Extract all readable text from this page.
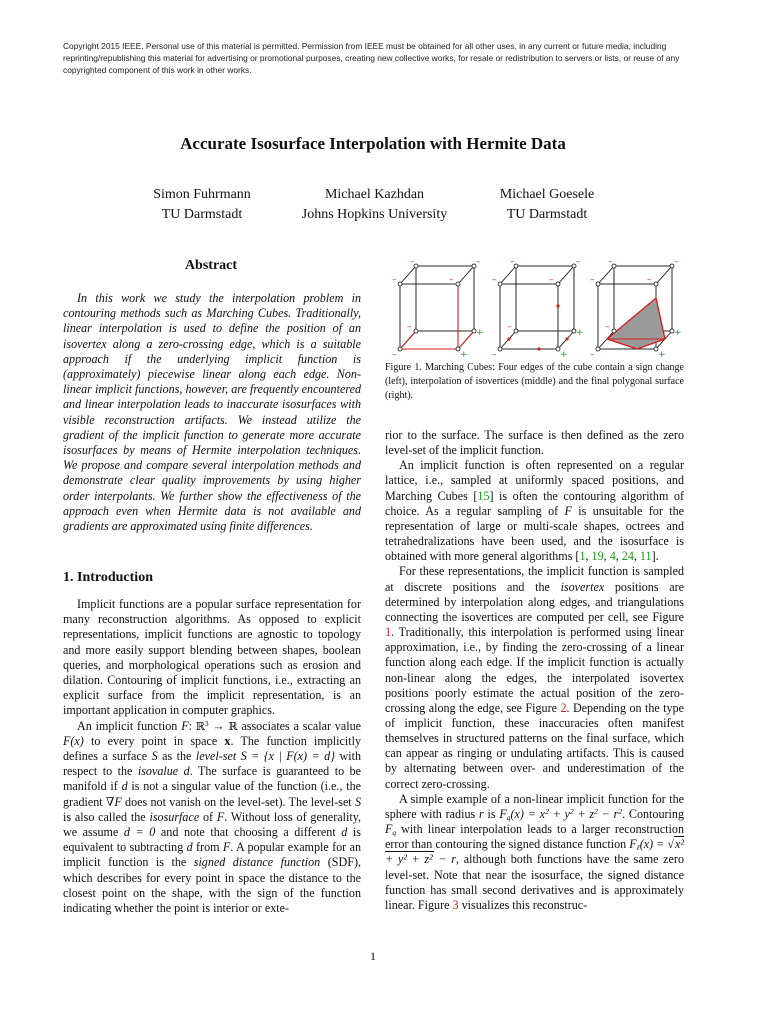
Copyright 2015 IEEE. Personal use of this material is permitted. Permission from IEEE must be obtained for all other uses, in any current or future media, including reprinting/republishing this material for advertising or promotional purposes, creating new collective works, for resale or redistribution to servers or lists, or reuse of any copyrighted component of this work in other works.
Accurate Isosurface Interpolation with Hermite Data
Simon Fuhrmann
TU Darmstadt
Michael Kazhdan
Johns Hopkins University
Michael Goesele
TU Darmstadt
Abstract
In this work we study the interpolation problem in contouring methods such as Marching Cubes. Traditionally, linear interpolation is used to define the position of an isovertex along a zero-crossing edge, which is a suitable approach if the underlying implicit function is (approximately) piecewise linear along each edge. Non-linear implicit functions, however, are frequently encountered and linear interpolation leads to inaccurate isosurfaces with visible reconstruction artifacts. We instead utilize the gradient of the implicit function to generate more accurate isosurfaces by means of Hermite interpolation techniques. We propose and compare several interpolation methods and demonstrate clear quality improvements by using higher order interpolants. We further show the effectiveness of the approach even when Hermite data is not available and gradients are approximated using finite differences.
1. Introduction

Implicit functions are a popular surface representation for many reconstruction algorithms. As opposed to explicit representations, implicit functions are agnostic to topology and more easily support blending between shapes, boolean queries, and morphological operations such as erosion and dilation. Contouring of implicit functions, i.e., extracting an explicit surface from the implicit representation, is an important application in computer graphics.

An implicit function F: ℝ$^3$ → ℝ associates a scalar value F(x) to every point in space x. The function implicitly defines a surface S as the level-set S = {x | F(x) = d} with respect to the isovalue d. The surface is guaranteed to be manifold if d is not a singular value of the function (i.e., the gradient ∇F does not vanish on the level-set). The level-set S is also called the isosurface of F. Without loss of generality, we assume d = 0 and note that choosing a different d is equivalent to subtracting d from F. A popular example for an implicit function is the signed distance function (SDF), which describes for every point in space the distance to the closest point on the shape, with the sign of the function indicating whether the point is interior or exte-

–
–
–
–
–
–
+
+
–
–
–
–
–
–
+
+
–
–
–
–
–
–
+
+
Figure 1. Marching Cubes: Four edges of the cube contain a sign change (left), interpolation of isovertices (middle) and the final polygonal surface (right).

rior to the surface. The surface is then defined as the zero level-set of the implicit function.

An implicit function is often represented on a regular lattice, i.e., sampled at uniformly spaced positions, and Marching Cubes [15] is often the contouring algorithm of choice. As a regular sampling of F is unsuitable for the representation of large or multi-scale shapes, octrees and tetrahedralizations have been used, and the isosurface is obtained with more general algorithms [1, 19, 4, 24, 11].

For these representations, the implicit function is sampled at discrete positions and the isovertex positions are determined by interpolation along edges, and triangulations connecting the isovertices are computed per cell, see Figure 1. Traditionally, this interpolation is performed using linear approximation, i.e., by finding the zero-crossing of a linear function along each edge. If the implicit function is actually non-linear along the edges, the interpolated isovertex positions poorly estimate the actual position of the zero-crossing along the edge, see Figure 2. Depending on the type of implicit function, these inaccuracies often manifest themselves in structured patterns on the final surface, which can appear as ringing or undulating artifacts. This is caused by alternating between over- and underestimation of the correct zero-crossing.

A simple example of a non-linear implicit function for the sphere with radius r is $F_q(x) = x^2 + y^2 + z^2 - r^2$. Contouring $F_q$ with linear interpolation leads to a larger reconstruction error than contouring the signed distance function $F_\ell(x) = √x^2 + y^2 + z^2 - r$, although both functions have the same zero level-set. Note that near the isosurface, the signed distance function has small second derivatives and is approximately linear. Figure 3 visualizes this reconstruc-

1
